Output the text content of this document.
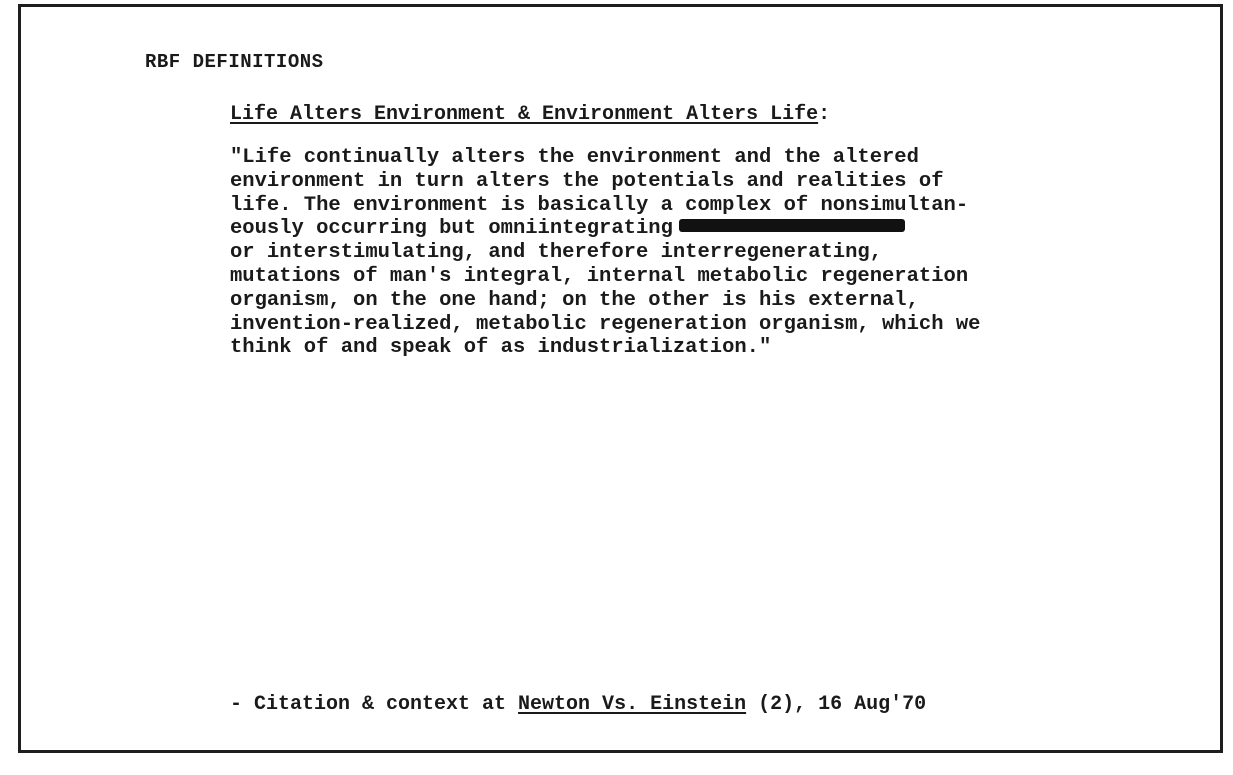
RBF DEFINITIONS
Life Alters Environment & Environment Alters Life:
"Life continually alters the environment and the altered
environment in turn alters the potentials and realities of
life. The environment is basically a complex of nonsimultan-
eously occurring but omniintegrating
or interstimulating, and therefore interregenerating,
mutations of man's integral, internal metabolic regeneration
organism, on the one hand; on the other is his external,
invention-realized, metabolic regeneration organism, which we
think of and speak of as industrialization."
- Citation & context at Newton Vs. Einstein (2), 16 Aug'70
